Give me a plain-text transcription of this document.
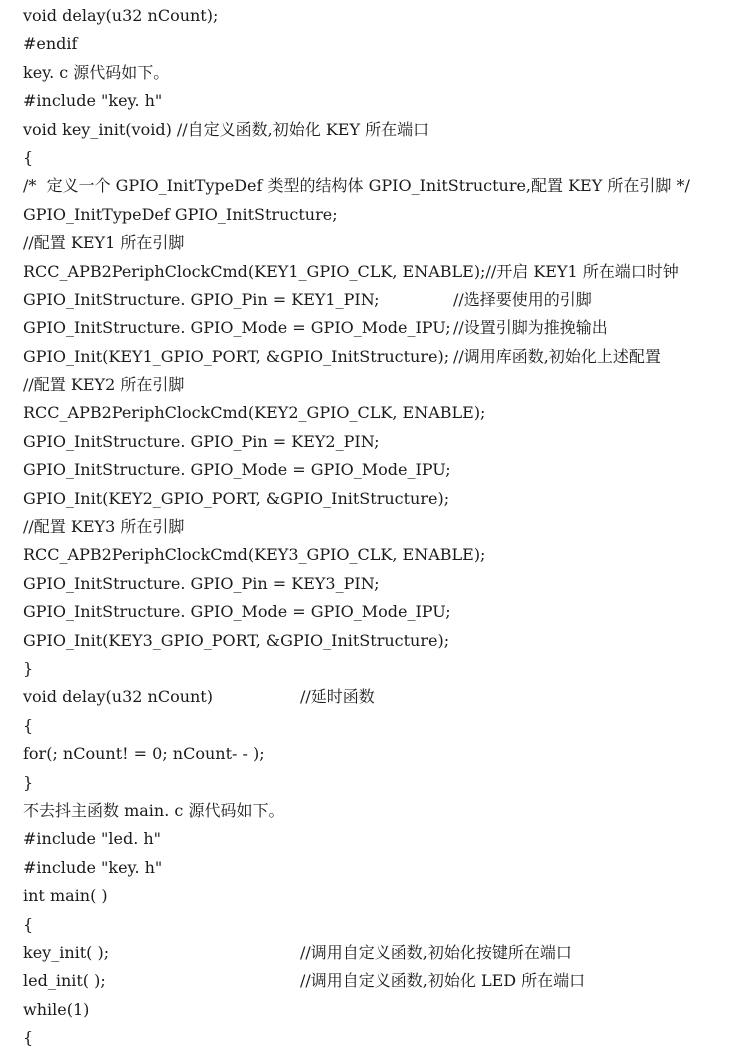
void delay(u32 nCount);
#endif
key. c 源代码如下。
#include "key. h"
void key_init(void) //自定义函数,初始化 KEY 所在端口
{
/*  定义一个 GPIO_InitTypeDef 类型的结构体 GPIO_InitStructure,配置 KEY 所在引脚 */
GPIO_InitTypeDef GPIO_InitStructure;
//配置 KEY1 所在引脚
RCC_APB2PeriphClockCmd(KEY1_GPIO_CLK, ENABLE);//开启 KEY1 所在端口时钟
GPIO_InitStructure. GPIO_Pin = KEY1_PIN;	//选择要使用的引脚
GPIO_InitStructure. GPIO_Mode = GPIO_Mode_IPU; //设置引脚为推挽输出
GPIO_Init(KEY1_GPIO_PORT, &GPIO_InitStructure); //调用库函数,初始化上述配置
//配置 KEY2 所在引脚
RCC_APB2PeriphClockCmd(KEY2_GPIO_CLK, ENABLE);
GPIO_InitStructure. GPIO_Pin = KEY2_PIN;
GPIO_InitStructure. GPIO_Mode = GPIO_Mode_IPU;
GPIO_Init(KEY2_GPIO_PORT, &GPIO_InitStructure);
//配置 KEY3 所在引脚
RCC_APB2PeriphClockCmd(KEY3_GPIO_CLK, ENABLE);
GPIO_InitStructure. GPIO_Pin = KEY3_PIN;
GPIO_InitStructure. GPIO_Mode = GPIO_Mode_IPU;
GPIO_Init(KEY3_GPIO_PORT, &GPIO_InitStructure);
}
void delay(u32 nCount)	//延时函数
{
for(; nCount! = 0; nCount- - );
}
不去抖主函数 main. c 源代码如下。
#include "led. h"
#include "key. h"
int main( )
{
key_init( );	//调用自定义函数,初始化按键所在端口
led_init( );	//调用自定义函数,初始化 LED 所在端口
while(1)
{
